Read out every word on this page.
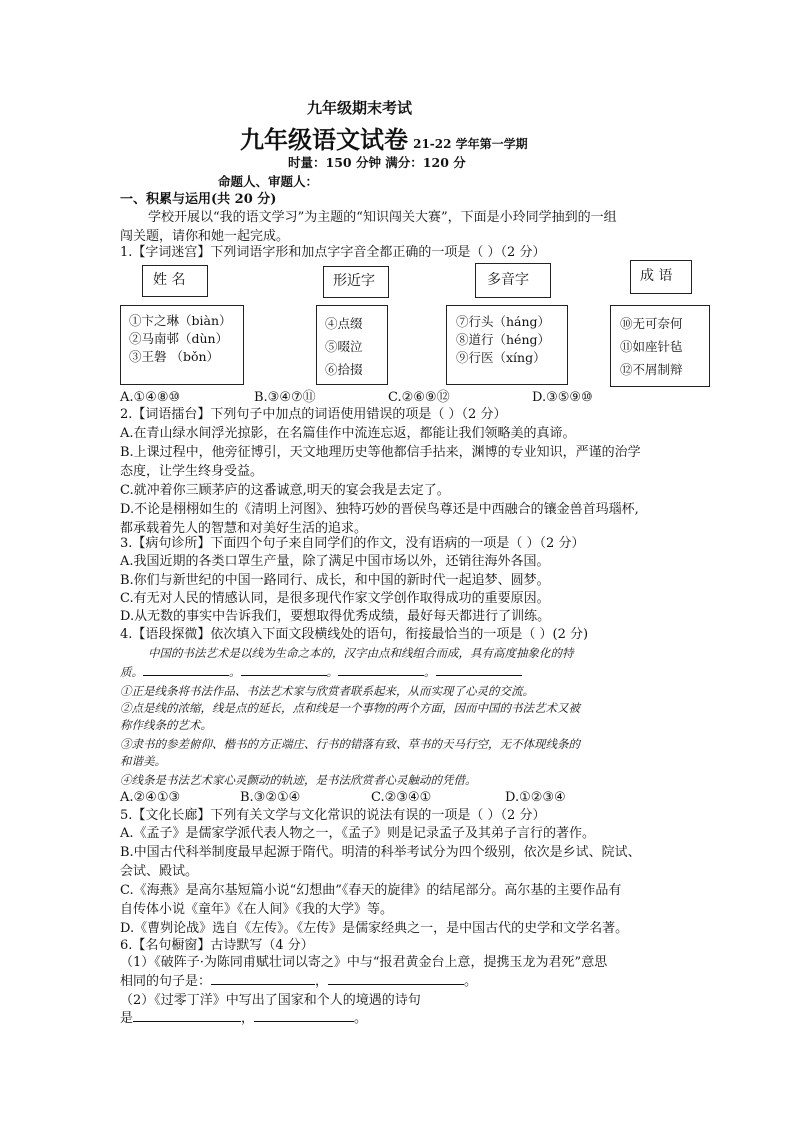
九年级期末考试
九年级语文试卷 21-22 学年第一学期
时量：150 分钟 满分：120 分
命题人、审题人：
一、积累与运用(共 20 分)
学校开展以“我的语文学习”为主题的“知识闯关大赛”，下面是小玲同学抽到的一组
闯关题，请你和她一起完成。
1.【字词迷宫】下列词语字形和加点字字音全都正确的一项是（ ）（2 分）
姓 名	形近字	多音字	成 语
①卞之琳（biàn）
②马南邨（dùn）
③王磐 （bǒn）
④点缀
⑤啜泣
⑥拾掇
⑦行头（háng）
⑧道行（héng）
⑨行医（xíng）
⑩无可奈何
⑪如座针毡
⑫不屑制辩
A.①④⑧⑩	B.③④⑦⑪	C.②⑥⑨⑫	D.③⑤⑨⑩
2.【词语擂台】下列句子中加点的词语使用错误的项是（ ）（2 分）
A.在青山绿水间浮光掠影，在名篇佳作中流连忘返，都能让我们领略美的真谛。
B.上课过程中，他旁征博引，天文地理历史等他都信手拈来，渊博的专业知识，严谨的治学
态度，让学生终身受益。
C.就冲着你三顾茅庐的这番诚意,明天的宴会我是去定了。
D.不论是栩栩如生的《清明上河图》、独特巧妙的晋侯鸟尊还是中西融合的镶金兽首玛瑙杯,
都承载着先人的智慧和对美好生活的追求。
3.【病句诊所】下面四个句子来自同学们的作文，没有语病的一项是（ ）（2 分）
A.我国近期的各类口罩生产量，除了满足中国市场以外，还销往海外各国。
B.你们与新世纪的中国一路同行、成长，和中国的新时代一起追梦、圆梦。
C.有无对人民的情感认同，是很多现代作家文学创作取得成功的重要原因。
D.从无数的事实中告诉我们，要想取得优秀成绩，最好每天都进行了训练。
4.【语段探微】依次填入下面文段横线处的语句，衔接最恰当的一项是（ ）(2 分)
中国的书法艺术是以线为生命之本的，汉字由点和线组合而成，具有高度抽象化的特
质。	。	。	。
①正是线条将书法作品、书法艺术家与欣赏者联系起来，从而实现了心灵的交流。
②点是线的浓缩，线是点的延长，点和线是一个事物的两个方面，因而中国的书法艺术又被
称作线条的艺术。
③隶书的参差俯仰、楷书的方正端庄、行书的错落有致、草书的天马行空，无不体现线条的
和谐美。
④线条是书法艺术家心灵颤动的轨迹，是书法欣赏者心灵触动的凭借。
A.②④①③	B.③②①④	C.②③④①	D.①②③④
5.【文化长廊】下列有关文学与文化常识的说法有误的一项是（ ）（2 分）
A.《孟子》是儒家学派代表人物之一，《孟子》则是记录孟子及其弟子言行的著作。
B.中国古代科举制度最早起源于隋代。明清的科举考试分为四个级别，依次是乡试、院试、
会试、殿试。
C.《海燕》是高尔基短篇小说“幻想曲”《春天的旋律》的结尾部分。高尔基的主要作品有
自传体小说《童年》《在人间》《我的大学》等。
D.《曹刿论战》选自《左传》。《左传》是儒家经典之一，是中国古代的史学和文学名著。
6.【名句橱窗】古诗默写（4 分）
（1）《破阵子·为陈同甫赋壮词以寄之》中与“报君黄金台上意，提携玉龙为君死”意思
相同的句子是：	，	。
（2）《过零丁洋》中写出了国家和个人的境遇的诗句
是	，	。
